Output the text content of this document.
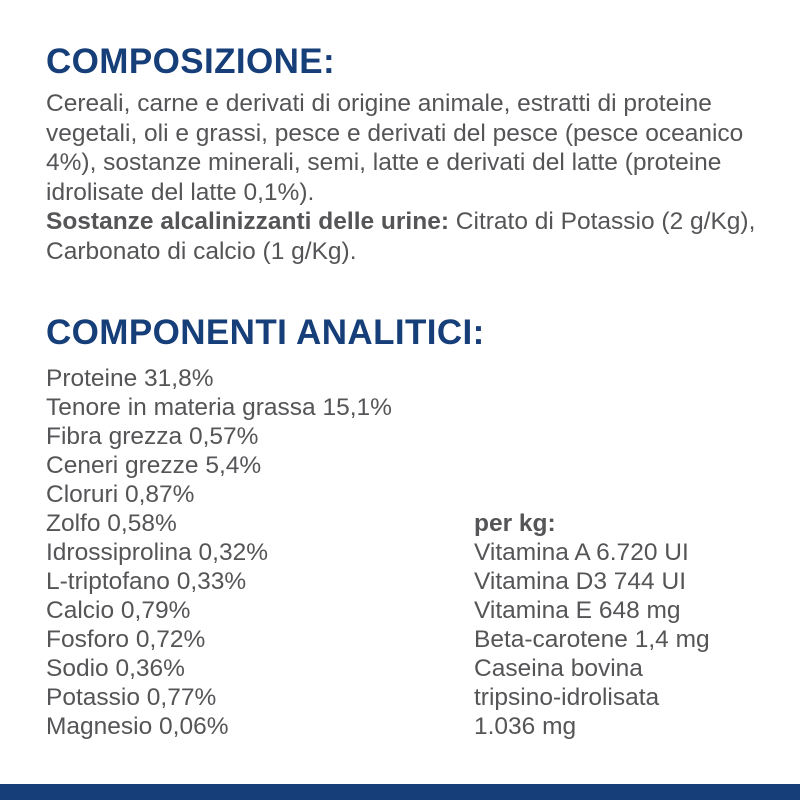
COMPOSIZIONE:
Cereali, carne e derivati di origine animale, estratti di proteine vegetali, oli e grassi, pesce e derivati del pesce (pesce oceanico 4%), sostanze minerali, semi, latte e derivati del latte (proteine idrolisate del latte 0,1%).
Sostanze alcalinizzanti delle urine: Citrato di Potassio (2 g/Kg), Carbonato di calcio (1 g/Kg).
COMPONENTI ANALITICI:
Proteine 31,8%
Tenore in materia grassa 15,1%
Fibra grezza 0,57%
Ceneri grezze 5,4%
Cloruri 0,87%
Zolfo 0,58%
Idrossiprolina 0,32%
L-triptofano 0,33%
Calcio 0,79%
Fosforo 0,72%
Sodio 0,36%
Potassio 0,77%
Magnesio 0,06%
per kg:
Vitamina A 6.720 UI
Vitamina D3 744 UI
Vitamina E 648 mg
Beta-carotene 1,4 mg
Caseina bovina
tripsino-idrolisata
1.036 mg
